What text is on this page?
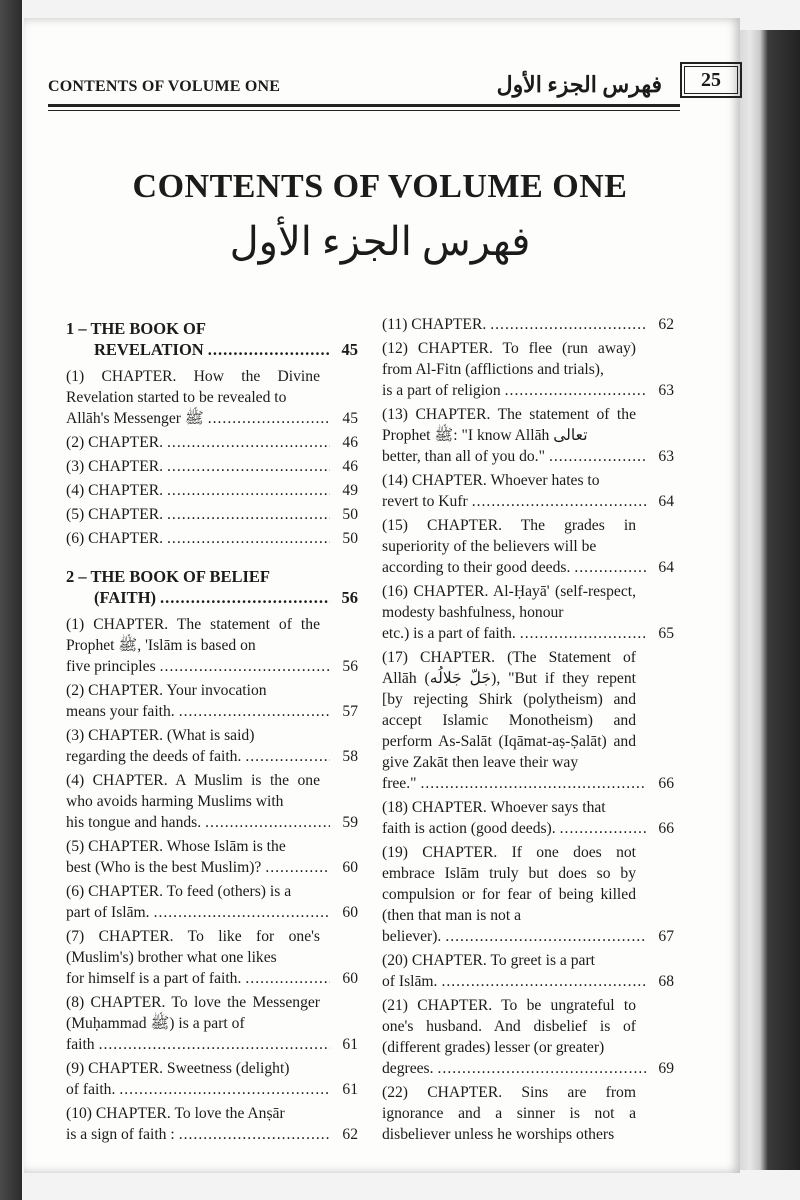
CONTENTS OF VOLUME ONE	فهرس الجزء الأول	25
CONTENTS OF VOLUME ONE
فهرس الجزء الأول
1 – THE BOOK OF

REVELATION .....	45

(1) CHAPTER. How the Divine Revelation started to be revealed to

Allāh's Messenger ﷺ .....	45

(2) CHAPTER. .....	46

(3) CHAPTER. .....	46

(4) CHAPTER. .....	49

(5) CHAPTER. .....	50

(6) CHAPTER. .....	50

2 – THE BOOK OF BELIEF

(FAITH) .....	56

(1) CHAPTER. The statement of the Prophet ﷺ, 'Islām is based on

five principles .....	56

(2) CHAPTER. Your invocation

means your faith. .....	57

(3) CHAPTER. (What is said)

regarding the deeds of faith. .....	58

(4) CHAPTER. A Muslim is the one who avoids harming Muslims with

his tongue and hands. .....	59

(5) CHAPTER. Whose Islām is the

best (Who is the best Muslim)? .....	60

(6) CHAPTER. To feed (others) is a

part of Islām. .....	60

(7) CHAPTER. To like for one's (Muslim's) brother what one likes

for himself is a part of faith. .....	60

(8) CHAPTER. To love the Messenger (Muḥammad ﷺ) is a part of

faith .....	61

(9) CHAPTER. Sweetness (delight)

of faith. .....	61

(10) CHAPTER. To love the Anṣār

is a sign of faith : .....	62

(11) CHAPTER. .....	62

(12) CHAPTER. To flee (run away) from Al-Fitn (afflictions and trials),

is a part of religion .....	63

(13) CHAPTER. The statement of the Prophet ﷺ: "I know Allāh تعالى

better, than all of you do." .....	63

(14) CHAPTER. Whoever hates to

revert to Kufr .....	64

(15) CHAPTER. The grades in superiority of the believers will be

according to their good deeds. .....	64

(16) CHAPTER. Al-Ḥayā' (self-respect, modesty bashfulness, honour

etc.) is a part of faith. .....	65

(17) CHAPTER. (The Statement of Allāh (جَلّ جَلالُه), "But if they repent [by rejecting Shirk (polytheism) and accept Islamic Monotheism) and perform As-Salāt (Iqāmat-aṣ-Ṣalāt) and give Zakāt then leave their way

free." .....	66

(18) CHAPTER. Whoever says that

faith is action (good deeds). .....	66

(19) CHAPTER. If one does not embrace Islām truly but does so by compulsion or for fear of being killed (then that man is not a

believer). .....	67

(20) CHAPTER. To greet is a part

of Islām. .....	68

(21) CHAPTER. To be ungrateful to one's husband. And disbelief is of (different grades) lesser (or greater)

degrees. .....	69

(22) CHAPTER. Sins are from ignorance and a sinner is not a disbeliever unless he worships others
